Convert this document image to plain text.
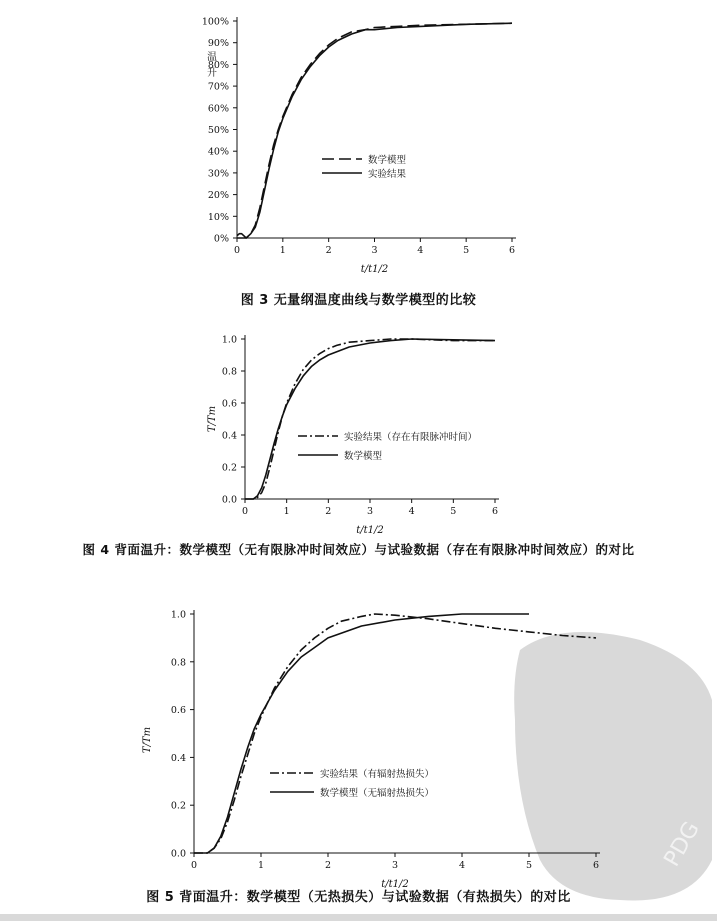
PDG
0	1	2	3	4	5	6
0%
10%
20%
30%
40%
50%
60%
70%
80%
90%
100%
t/t1/2
温
升
数学模型
实验结果
0	1	2	3	4	5	6
0.0
0.2
0.4
0.6
0.8
1.0
t/t1/2
T/Tm
实验结果（存在有限脉冲时间）
数学模型
0	1	2	3	4	5	6
0.0
0.2
0.4
0.6
0.8
1.0
t/t1/2
T/Tm
实验结果（有辐射热损失）
数学模型（无辐射热损失）
图 3 无量纲温度曲线与数学模型的比较
图 4 背面温升：数学模型（无有限脉冲时间效应）与试验数据（存在有限脉冲时间效应）的对比
图 5 背面温升：数学模型（无热损失）与试验数据（有热损失）的对比
